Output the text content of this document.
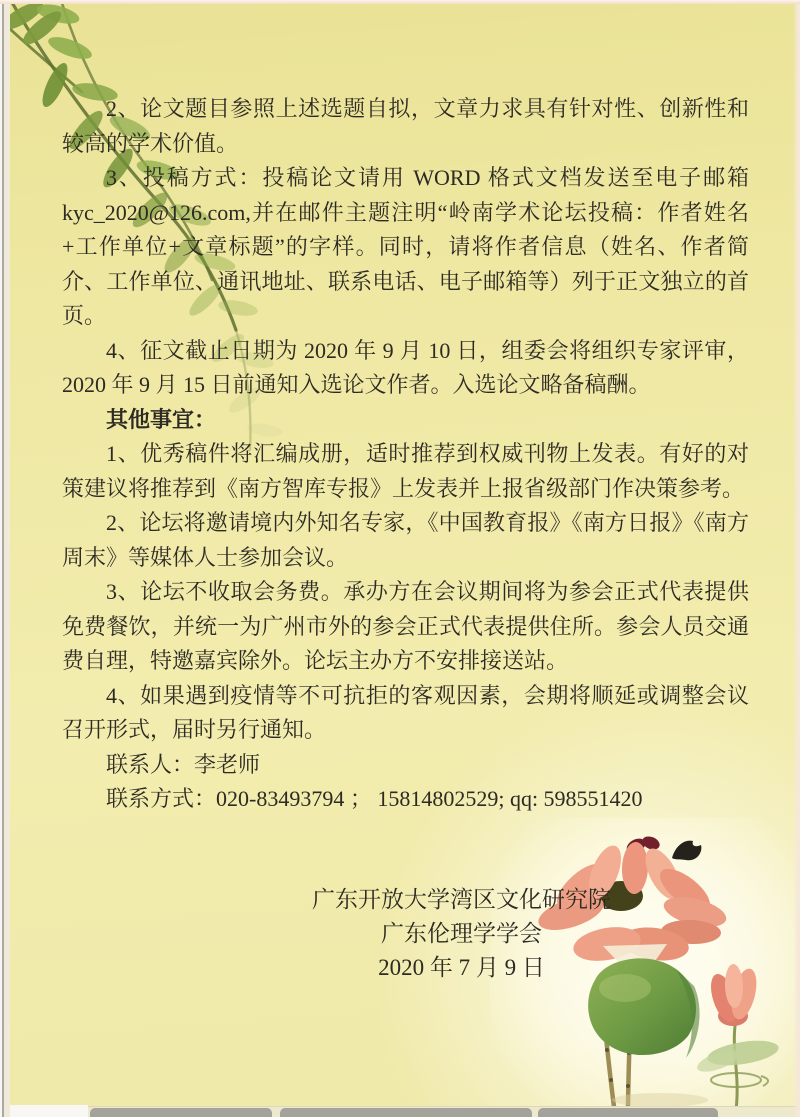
2、论文题目参照上述选题自拟，文章力求具有针对性、创新性和较高的学术价值。

3、投稿方式：投稿论文请用 WORD 格式文档发送至电子邮箱kyc_2020@126.com,并在邮件主题注明“岭南学术论坛投稿：作者姓名+工作单位+文章标题”的字样。同时，请将作者信息（姓名、作者简介、工作单位、通讯地址、联系电话、电子邮箱等）列于正文独立的首页。

4、征文截止日期为 2020 年 9 月 10 日，组委会将组织专家评审，2020 年 9 月 15 日前通知入选论文作者。入选论文略备稿酬。

其他事宜：

1、优秀稿件将汇编成册，适时推荐到权威刊物上发表。有好的对策建议将推荐到《南方智库专报》上发表并上报省级部门作决策参考。

2、论坛将邀请境内外知名专家，《中国教育报》《南方日报》《南方周末》等媒体人士参加会议。

3、论坛不收取会务费。承办方在会议期间将为参会正式代表提供免费餐饮，并统一为广州市外的参会正式代表提供住所。参会人员交通费自理，特邀嘉宾除外。论坛主办方不安排接送站。

4、如果遇到疫情等不可抗拒的客观因素，会期将顺延或调整会议召开形式，届时另行通知。

联系人：李老师

联系方式：020-83493794 ； 15814802529; qq: 598551420

广东开放大学湾区文化研究院
广东伦理学学会
2020 年 7 月 9 日
